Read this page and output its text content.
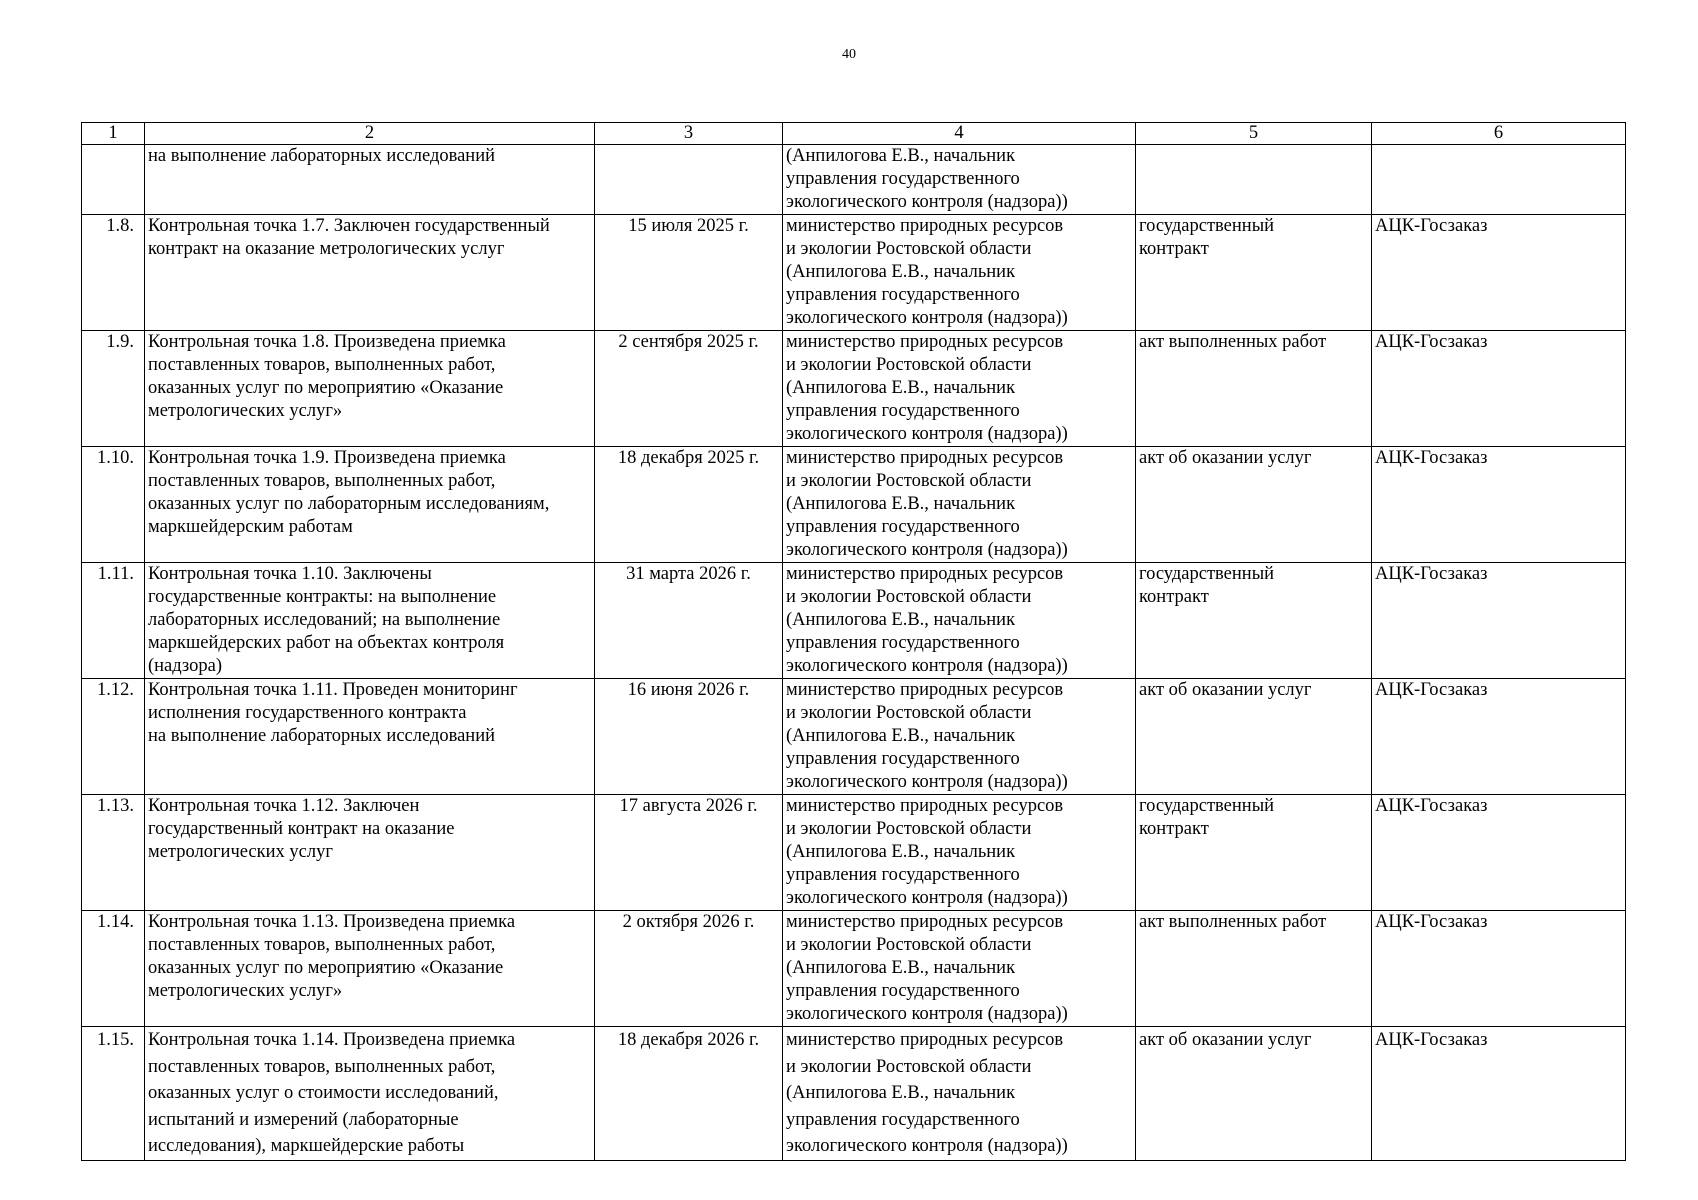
40
1	2	3	4	5	6
	на выполнение лабораторных исследований		(Анпилогова Е.В., начальник
управления государственного
экологического контроля (надзора))		
1.8.	Контрольная точка 1.7. Заключен государственный
контракт на оказание метрологических услуг	15 июля 2025 г.	министерство природных ресурсов
и экологии Ростовской области
(Анпилогова Е.В., начальник
управления государственного
экологического контроля (надзора))	государственный
контракт	АЦК-Госзаказ
1.9.	Контрольная точка 1.8. Произведена приемка
поставленных товаров, выполненных работ,
оказанных услуг по мероприятию «Оказание
метрологических услуг»	2 сентября 2025 г.	министерство природных ресурсов
и экологии Ростовской области
(Анпилогова Е.В., начальник
управления государственного
экологического контроля (надзора))	акт выполненных работ	АЦК-Госзаказ
1.10.	Контрольная точка 1.9. Произведена приемка
поставленных товаров, выполненных работ,
оказанных услуг по лабораторным исследованиям,
маркшейдерским работам	18 декабря 2025 г.	министерство природных ресурсов
и экологии Ростовской области
(Анпилогова Е.В., начальник
управления государственного
экологического контроля (надзора))	акт об оказании услуг	АЦК-Госзаказ
1.11.	Контрольная точка 1.10. Заключены
государственные контракты: на выполнение
лабораторных исследований; на выполнение
маркшейдерских работ на объектах контроля
(надзора)	31 марта 2026 г.	министерство природных ресурсов
и экологии Ростовской области
(Анпилогова Е.В., начальник
управления государственного
экологического контроля (надзора))	государственный
контракт	АЦК-Госзаказ
1.12.	Контрольная точка 1.11. Проведен мониторинг
исполнения государственного контракта
на выполнение лабораторных исследований	16 июня 2026 г.	министерство природных ресурсов
и экологии Ростовской области
(Анпилогова Е.В., начальник
управления государственного
экологического контроля (надзора))	акт об оказании услуг	АЦК-Госзаказ
1.13.	Контрольная точка 1.12. Заключен
государственный контракт на оказание
метрологических услуг	17 августа 2026 г.	министерство природных ресурсов
и экологии Ростовской области
(Анпилогова Е.В., начальник
управления государственного
экологического контроля (надзора))	государственный
контракт	АЦК-Госзаказ
1.14.	Контрольная точка 1.13. Произведена приемка
поставленных товаров, выполненных работ,
оказанных услуг по мероприятию «Оказание
метрологических услуг»	2 октября 2026 г.	министерство природных ресурсов
и экологии Ростовской области
(Анпилогова Е.В., начальник
управления государственного
экологического контроля (надзора))	акт выполненных работ	АЦК-Госзаказ
1.15.	Контрольная точка 1.14. Произведена приемка
поставленных товаров, выполненных работ,
оказанных услуг о стоимости исследований,
испытаний и измерений (лабораторные
исследования), маркшейдерские работы	18 декабря 2026 г.	министерство природных ресурсов
и экологии Ростовской области
(Анпилогова Е.В., начальник
управления государственного
экологического контроля (надзора))	акт об оказании услуг	АЦК-Госзаказ
